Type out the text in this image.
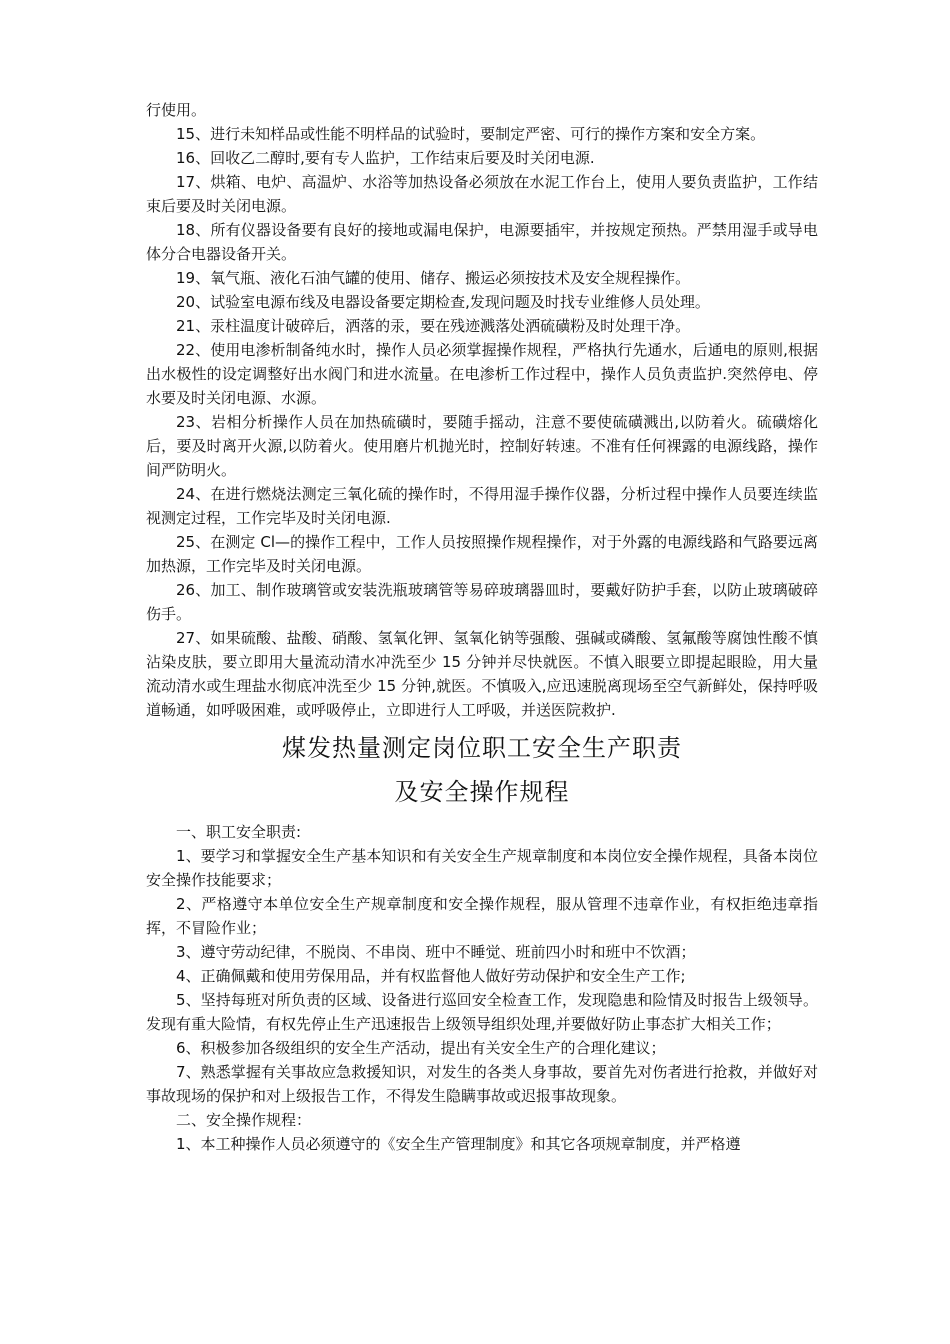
行使用。

15、进行未知样品或性能不明样品的试验时，要制定严密、可行的操作方案和安全方案。

16、回收乙二醇时,要有专人监护，工作结束后要及时关闭电源.

17、烘箱、电炉、高温炉、水浴等加热设备必须放在水泥工作台上，使用人要负责监护，工作结束后要及时关闭电源。

18、所有仪器设备要有良好的接地或漏电保护，电源要插牢，并按规定预热。严禁用湿手或导电体分合电器设备开关。

19、氧气瓶、液化石油气罐的使用、储存、搬运必须按技术及安全规程操作。

20、试验室电源布线及电器设备要定期检查,发现问题及时找专业维修人员处理。

21、汞柱温度计破碎后，洒落的汞，要在残迹溅落处洒硫磺粉及时处理干净。

22、使用电渗析制备纯水时，操作人员必须掌握操作规程，严格执行先通水，后通电的原则,根据出水极性的设定调整好出水阀门和进水流量。在电渗析工作过程中，操作人员负责监护.突然停电、停水要及时关闭电源、水源。

23、岩相分析操作人员在加热硫磺时，要随手摇动，注意不要使硫磺溅出,以防着火。硫磺熔化后，要及时离开火源,以防着火。使用磨片机抛光时，控制好转速。不准有任何裸露的电源线路，操作间严防明火。

24、在进行燃烧法测定三氧化硫的操作时，不得用湿手操作仪器，分析过程中操作人员要连续监视测定过程，工作完毕及时关闭电源.

25、在测定 Cl—的操作工程中，工作人员按照操作规程操作，对于外露的电源线路和气路要远离加热源，工作完毕及时关闭电源。

26、加工、制作玻璃管或安装洗瓶玻璃管等易碎玻璃器皿时，要戴好防护手套，以防止玻璃破碎伤手。

27、如果硫酸、盐酸、硝酸、氢氧化钾、氢氧化钠等强酸、强碱或磷酸、氢氟酸等腐蚀性酸不慎沾染皮肤，要立即用大量流动清水冲洗至少 15 分钟并尽快就医。不慎入眼要立即提起眼睑，用大量流动清水或生理盐水彻底冲洗至少 15 分钟,就医。不慎吸入,应迅速脱离现场至空气新鲜处，保持呼吸道畅通，如呼吸困难，或呼吸停止，立即进行人工呼吸，并送医院救护.

煤发热量测定岗位职工安全生产职责

及安全操作规程

一、职工安全职责:

1、要学习和掌握安全生产基本知识和有关安全生产规章制度和本岗位安全操作规程，具备本岗位安全操作技能要求；

2、严格遵守本单位安全生产规章制度和安全操作规程，服从管理不违章作业，有权拒绝违章指挥，不冒险作业；

3、遵守劳动纪律，不脱岗、不串岗、班中不睡觉、班前四小时和班中不饮酒；

4、正确佩戴和使用劳保用品，并有权监督他人做好劳动保护和安全生产工作;

5、坚持每班对所负责的区域、设备进行巡回安全检查工作，发现隐患和险情及时报告上级领导。发现有重大险情，有权先停止生产迅速报告上级领导组织处理,并要做好防止事态扩大相关工作；

6、积极参加各级组织的安全生产活动，提出有关安全生产的合理化建议；

7、熟悉掌握有关事故应急救援知识，对发生的各类人身事故，要首先对伤者进行抢救，并做好对事故现场的保护和对上级报告工作，不得发生隐瞒事故或迟报事故现象。

二、安全操作规程：

1、本工种操作人员必须遵守的《安全生产管理制度》和其它各项规章制度，并严格遵
